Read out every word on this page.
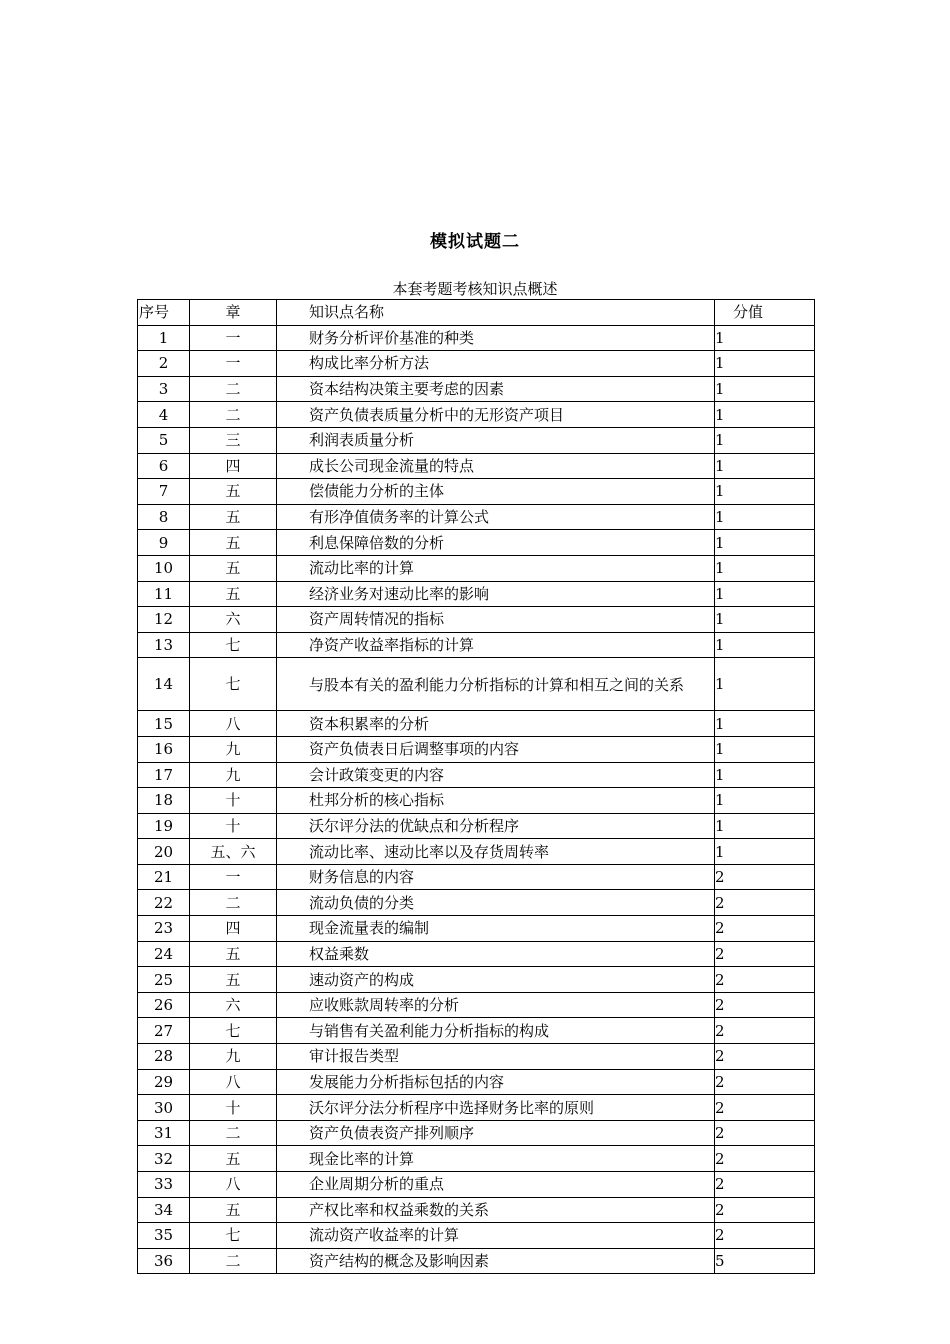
模拟试题二
本套考题考核知识点概述
序号	章	知识点名称	分值
1	一	财务分析评价基准的种类	1
2	一	构成比率分析方法	1
3	二	资本结构决策主要考虑的因素	1
4	二	资产负债表质量分析中的无形资产项目	1
5	三	利润表质量分析	1
6	四	成长公司现金流量的特点	1
7	五	偿债能力分析的主体	1
8	五	有形净值债务率的计算公式	1
9	五	利息保障倍数的分析	1
10	五	流动比率的计算	1
11	五	经济业务对速动比率的影响	1
12	六	资产周转情况的指标	1
13	七	净资产收益率指标的计算	1
14	七	与股本有关的盈利能力分析指标的计算和相互之间的关系	1
15	八	资本积累率的分析	1
16	九	资产负债表日后调整事项的内容	1
17	九	会计政策变更的内容	1
18	十	杜邦分析的核心指标	1
19	十	沃尔评分法的优缺点和分析程序	1
20	五、六	流动比率、速动比率以及存货周转率	1
21	一	财务信息的内容	2
22	二	流动负债的分类	2
23	四	现金流量表的编制	2
24	五	权益乘数	2
25	五	速动资产的构成	2
26	六	应收账款周转率的分析	2
27	七	与销售有关盈利能力分析指标的构成	2
28	九	审计报告类型	2
29	八	发展能力分析指标包括的内容	2
30	十	沃尔评分法分析程序中选择财务比率的原则	2
31	二	资产负债表资产排列顺序	2
32	五	现金比率的计算	2
33	八	企业周期分析的重点	2
34	五	产权比率和权益乘数的关系	2
35	七	流动资产收益率的计算	2
36	二	资产结构的概念及影响因素	5
